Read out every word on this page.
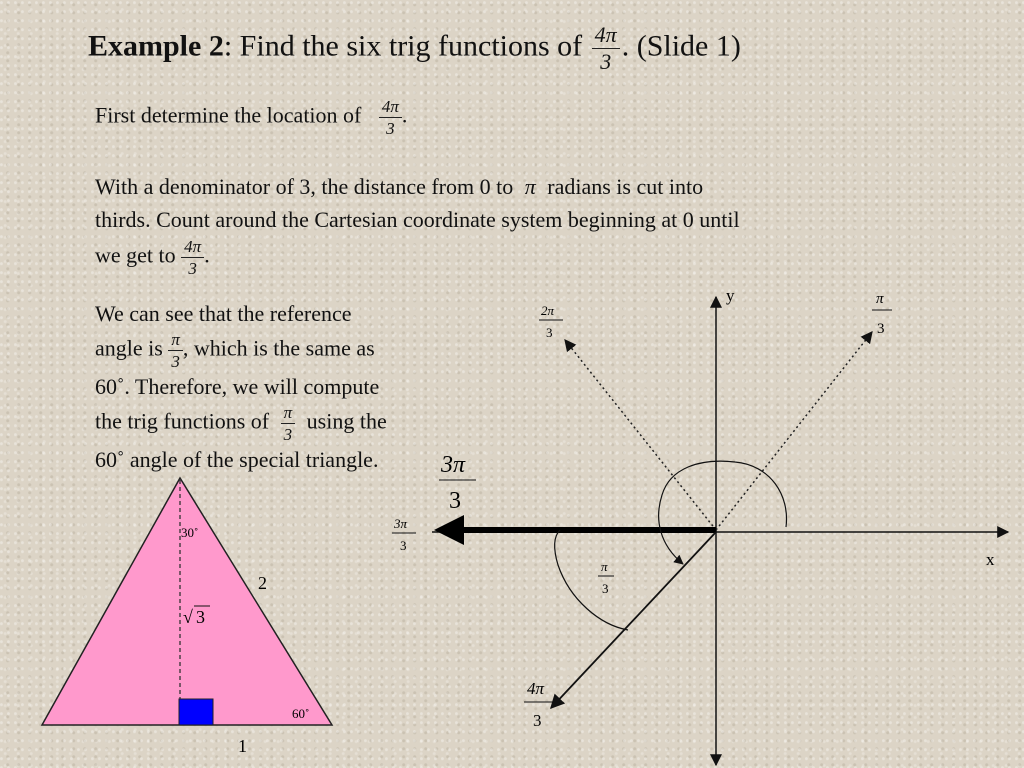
Example 2: Find the six trig functions of $\frac{4\pi}{3}$ . (Slide 1)
First determine the location of $\frac{4\pi}{3}$ .
With a denominator of 3, the distance from 0 to π radians is cut into
thirds. Count around the Cartesian coordinate system beginning at 0 until
we get to $\frac{4\pi}{3}$ .
We can see that the reference
angle is $\frac{\pi}{3}$ , which is the same as
60˚. Therefore, we will compute
the trig functions of $\frac{\pi}{3}$ using the
60˚ angle of the special triangle.
30˚
60˚
2
√ 3
1
y
x
π
3
2π
3
3π
3
3π
3
π
3
4π
3
